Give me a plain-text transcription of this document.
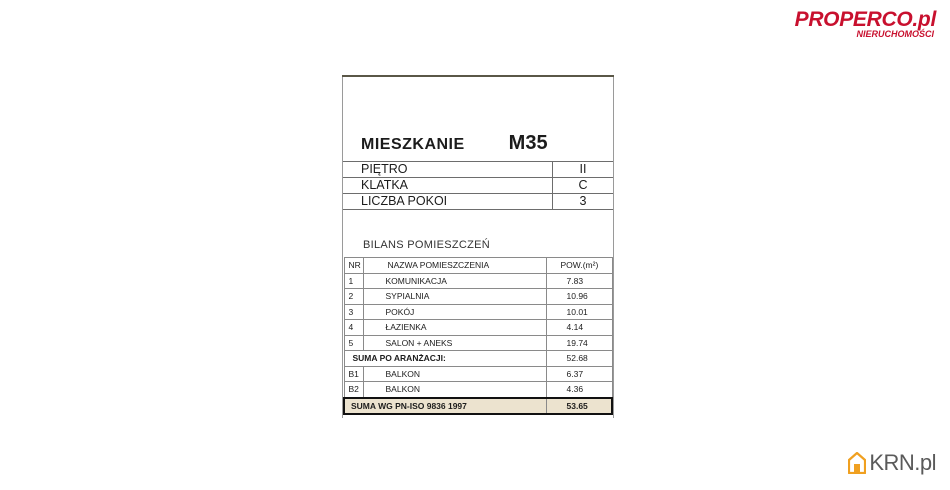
PROPERCO.pl
NIERUCHOMOŚCI
MIESZKANIE M35
PIĘTRO	II
KLATKA	C
LICZBA POKOI	3
BILANS POMIESZCZEŃ
NR	NAZWA POMIESZCZENIA	POW.(m²)
1	KOMUNIKACJA	7.83
2	SYPIALNIA	10.96
3	POKÓJ	10.01
4	ŁAZIENKA	4.14
5	SALON + ANEKS	19.74
SUMA PO ARANŻACJI:		52.68
B1	BALKON	6.37
B2	BALKON	4.36
SUMA WG PN-ISO 9836 1997		53.65
KRN.pl
